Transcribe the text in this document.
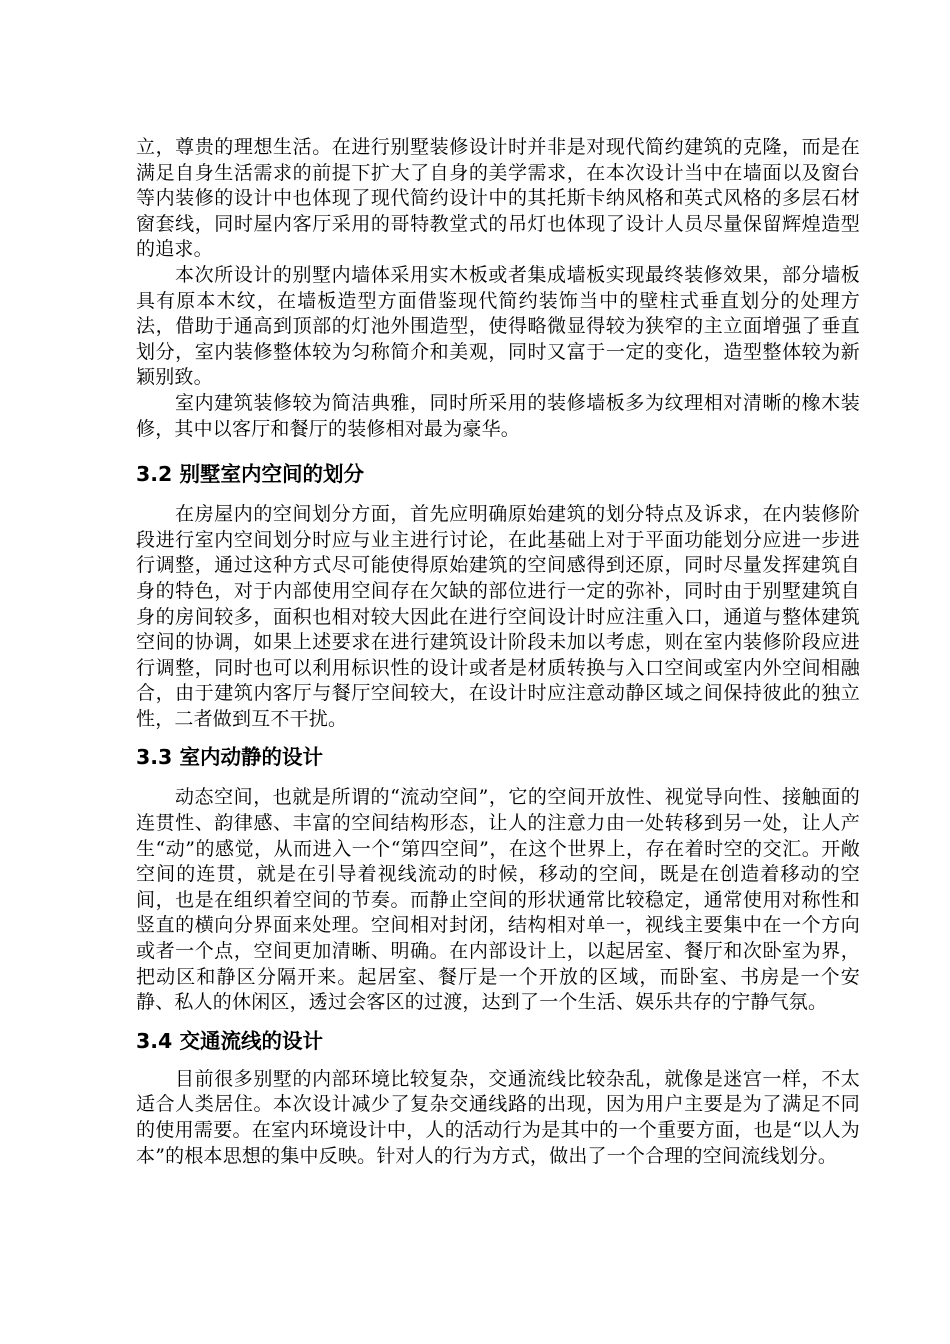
立，尊贵的理想生活。在进行别墅装修设计时并非是对现代简约建筑的克隆，而是在满足自身生活需求的前提下扩大了自身的美学需求，在本次设计当中在墙面以及窗台等内装修的设计中也体现了现代简约设计中的其托斯卡纳风格和英式风格的多层石材窗套线，同时屋内客厅采用的哥特教堂式的吊灯也体现了设计人员尽量保留辉煌造型的追求。

本次所设计的别墅内墙体采用实木板或者集成墙板实现最终装修效果，部分墙板具有原本木纹，在墙板造型方面借鉴现代简约装饰当中的壁柱式垂直划分的处理方法，借助于通高到顶部的灯池外围造型，使得略微显得较为狭窄的主立面增强了垂直划分，室内装修整体较为匀称简介和美观，同时又富于一定的变化，造型整体较为新颖别致。

室内建筑装修较为简洁典雅，同时所采用的装修墙板多为纹理相对清晰的橡木装修，其中以客厅和餐厅的装修相对最为豪华。

3.2 别墅室内空间的划分

在房屋内的空间划分方面，首先应明确原始建筑的划分特点及诉求，在内装修阶段进行室内空间划分时应与业主进行讨论，在此基础上对于平面功能划分应进一步进行调整，通过这种方式尽可能使得原始建筑的空间感得到还原，同时尽量发挥建筑自身的特色，对于内部使用空间存在欠缺的部位进行一定的弥补，同时由于别墅建筑自身的房间较多，面积也相对较大因此在进行空间设计时应注重入口，通道与整体建筑空间的协调，如果上述要求在进行建筑设计阶段未加以考虑，则在室内装修阶段应进行调整，同时也可以利用标识性的设计或者是材质转换与入口空间或室内外空间相融合，由于建筑内客厅与餐厅空间较大，在设计时应注意动静区域之间保持彼此的独立性，二者做到互不干扰。

3.3 室内动静的设计

动态空间，也就是所谓的“流动空间”，它的空间开放性、视觉导向性、接触面的连贯性、韵律感、丰富的空间结构形态，让人的注意力由一处转移到另一处，让人产生“动”的感觉，从而进入一个“第四空间”，在这个世界上，存在着时空的交汇。开敞空间的连贯，就是在引导着视线流动的时候，移动的空间，既是在创造着移动的空间，也是在组织着空间的节奏。而静止空间的形状通常比较稳定，通常使用对称性和竖直的横向分界面来处理。空间相对封闭，结构相对单一，视线主要集中在一个方向或者一个点，空间更加清晰、明确。在内部设计上，以起居室、餐厅和次卧室为界，把动区和静区分隔开来。起居室、餐厅是一个开放的区域，而卧室、书房是一个安静、私人的休闲区，透过会客区的过渡，达到了一个生活、娱乐共存的宁静气氛。

3.4 交通流线的设计

目前很多别墅的内部环境比较复杂，交通流线比较杂乱，就像是迷宫一样，不太适合人类居住。本次设计减少了复杂交通线路的出现，因为用户主要是为了满足不同的使用需要。在室内环境设计中，人的活动行为是其中的一个重要方面，也是“以人为本”的根本思想的集中反映。针对人的行为方式，做出了一个合理的空间流线划分。
